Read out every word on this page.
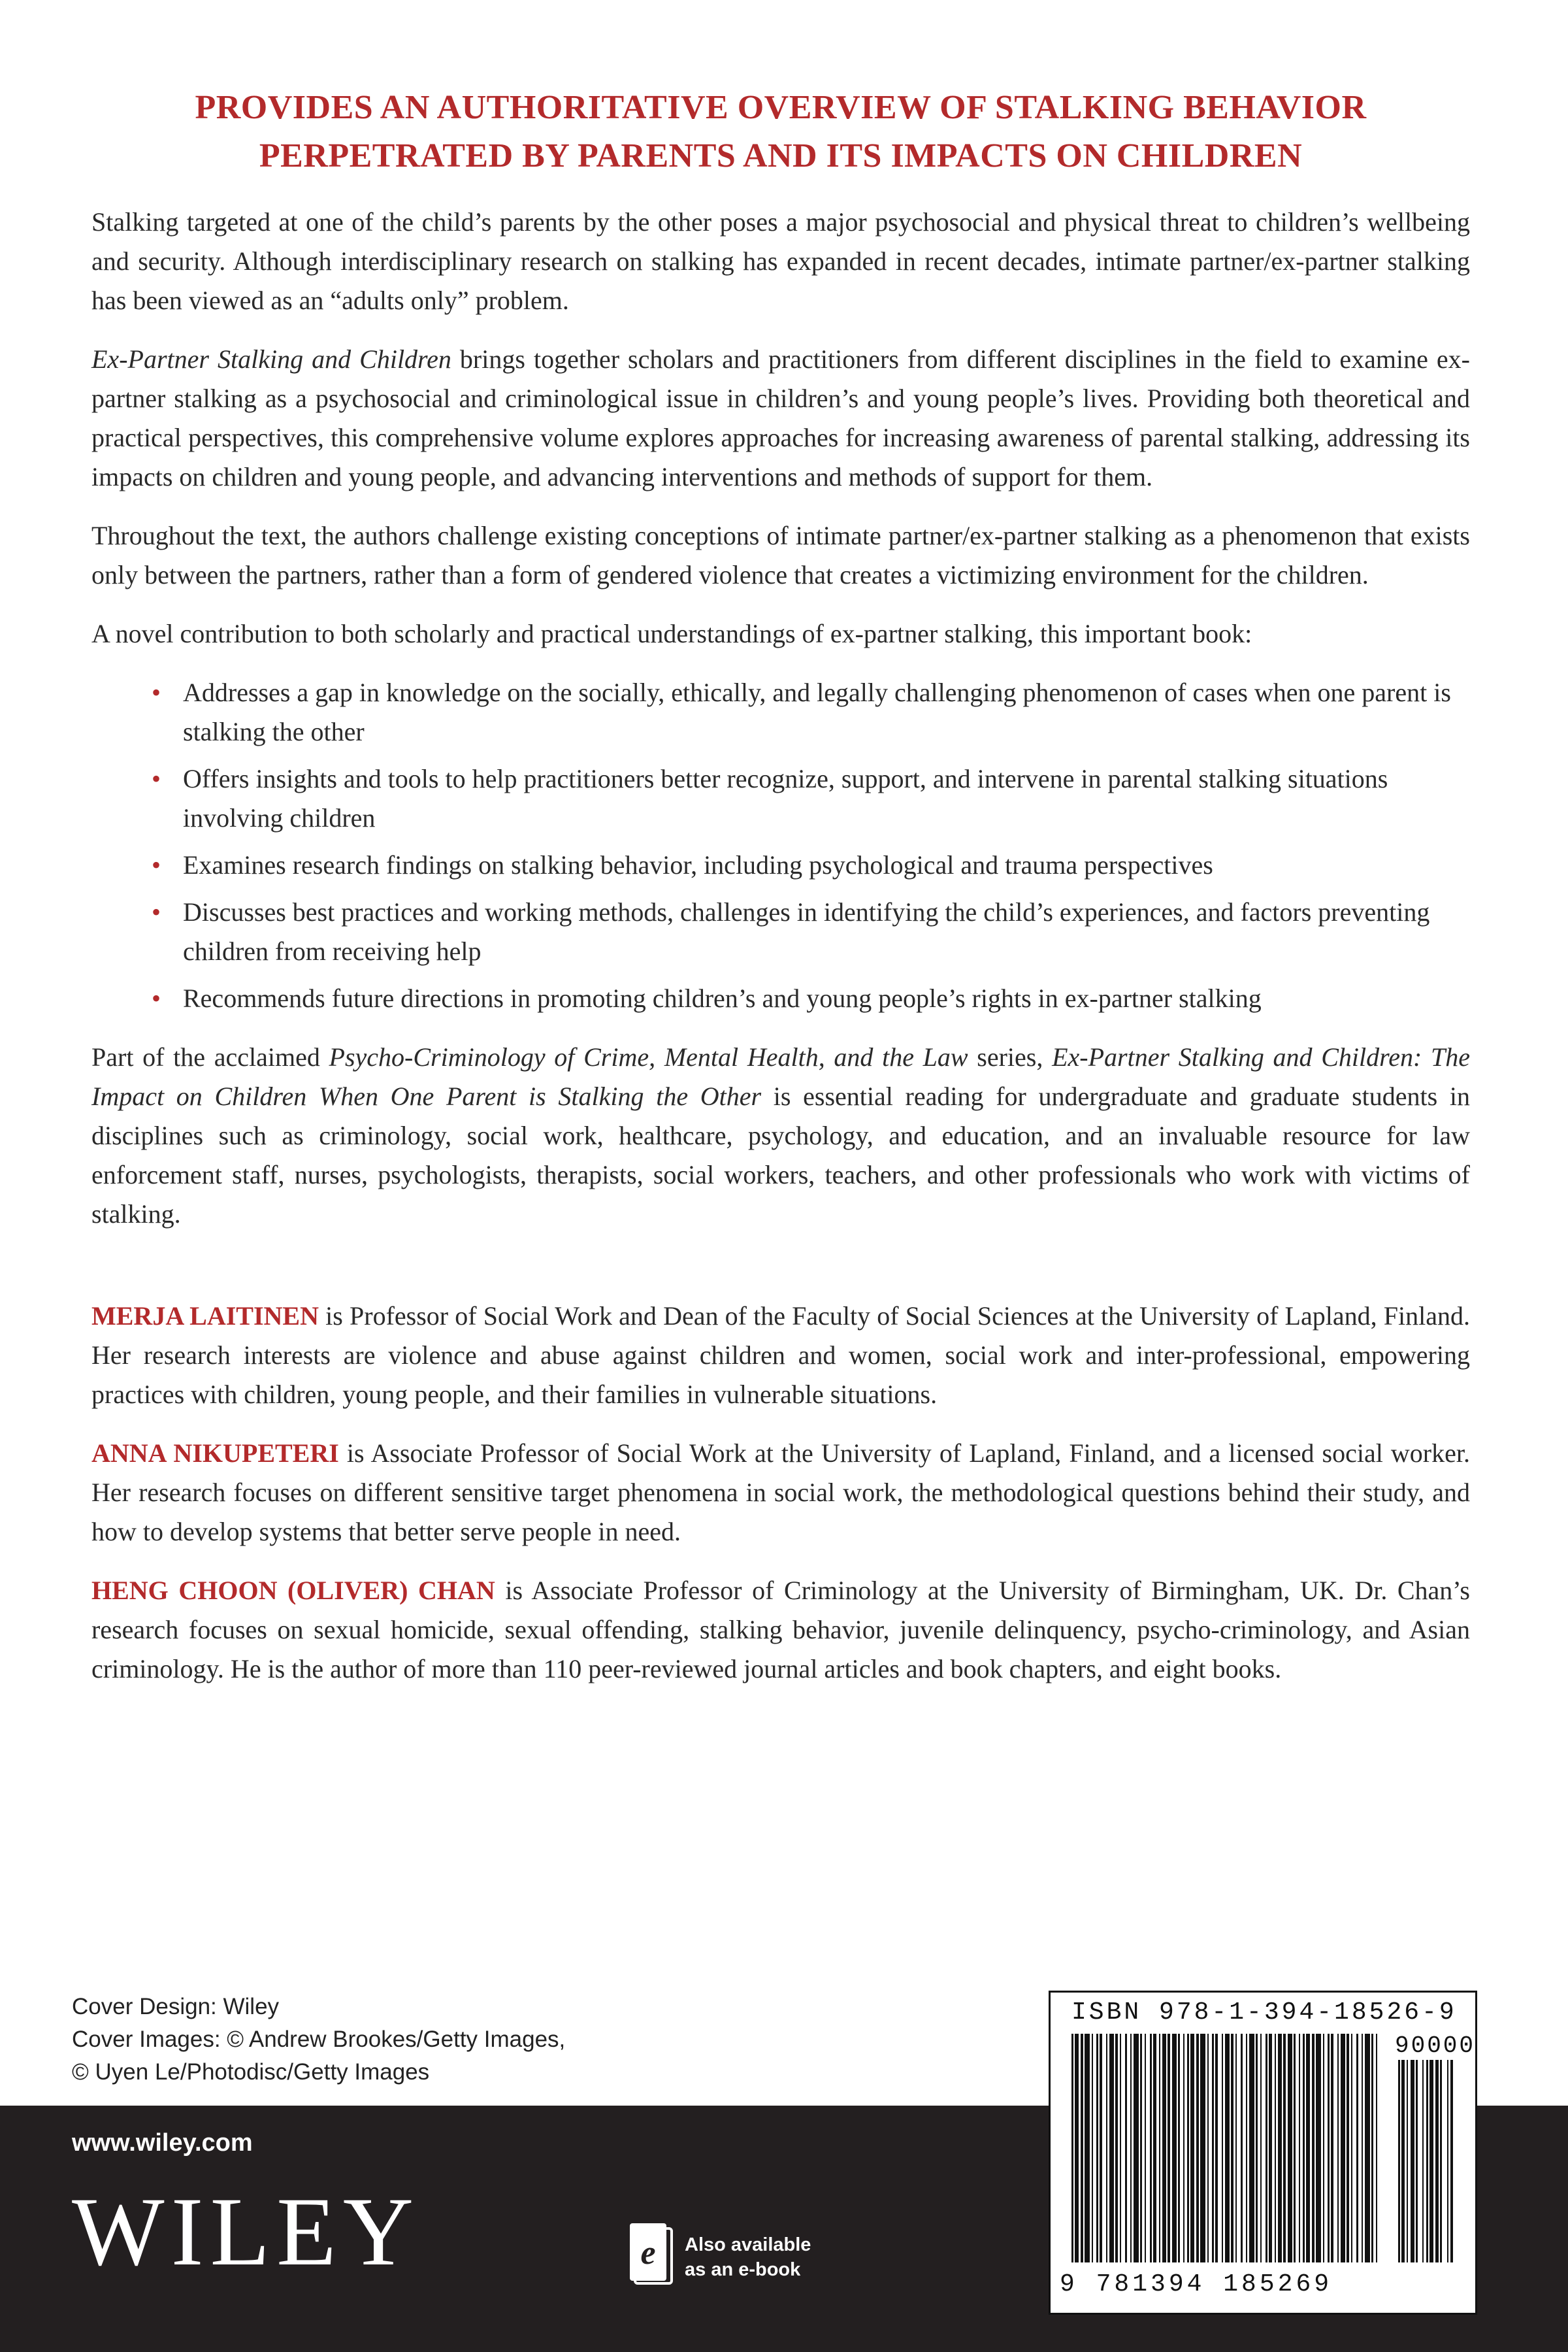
PROVIDES AN AUTHORITATIVE OVERVIEW OF STALKING BEHAVIOR
PERPETRATED BY PARENTS AND ITS IMPACTS ON CHILDREN

Stalking targeted at one of the child’s parents by the other poses a major psychosocial and physical threat to children’s wellbeing and security. Although interdisciplinary research on stalking has expanded in recent decades, intimate partner/ex-partner stalking has been viewed as an “adults only” problem.

Ex-Partner Stalking and Children brings together scholars and practitioners from different disciplines in the field to examine ex-partner stalking as a psychosocial and criminological issue in children’s and young people’s lives. Providing both theoretical and practical perspectives, this comprehensive volume explores approaches for increasing awareness of parental stalking, addressing its impacts on children and young people, and advancing interventions and methods of support for them.

Throughout the text, the authors challenge existing conceptions of intimate partner/ex-partner stalking as a phenomenon that exists only between the partners, rather than a form of gendered violence that creates a victimizing environment for the children.

A novel contribution to both scholarly and practical understandings of ex-partner stalking, this important book:

• Addresses a gap in knowledge on the socially, ethically, and legally challenging phenomenon of cases when one parent is stalking the other
• Offers insights and tools to help practitioners better recognize, support, and intervene in parental stalking situations involving children
• Examines research findings on stalking behavior, including psychological and trauma perspectives
• Discusses best practices and working methods, challenges in identifying the child’s experiences, and factors preventing children from receiving help
• Recommends future directions in promoting children’s and young people’s rights in ex-partner stalking

Part of the acclaimed Psycho-Criminology of Crime, Mental Health, and the Law series, Ex-Partner Stalking and Children: The Impact on Children When One Parent is Stalking the Other is essential reading for undergraduate and graduate students in disciplines such as criminology, social work, healthcare, psychology, and education, and an invaluable resource for law enforcement staff, nurses, psychologists, therapists, social workers, teachers, and other professionals who work with victims of stalking.

MERJA LAITINEN is Professor of Social Work and Dean of the Faculty of Social Sciences at the University of Lapland, Finland. Her research interests are violence and abuse against children and women, social work and inter-professional, empowering practices with children, young people, and their families in vulnerable situations.

ANNA NIKUPETERI is Associate Professor of Social Work at the University of Lapland, Finland, and a licensed social worker. Her research focuses on different sensitive target phenomena in social work, the methodological questions behind their study, and how to develop systems that better serve people in need.

HENG CHOON (OLIVER) CHAN is Associate Professor of Criminology at the University of Birmingham, UK. Dr. Chan’s research focuses on sexual homicide, sexual offending, stalking behavior, juvenile delinquency, psycho-criminology, and Asian criminology. He is the author of more than 110 peer-reviewed journal articles and book chapters, and eight books.

Cover Design: Wiley
Cover Images: © Andrew Brookes/Getty Images,
© Uyen Le/Photodisc/Getty Images
www.wiley.com
WILEY	e Also available
as an e-book
ISBN 978-1-394-18526-9
90000
9 781394 185269
